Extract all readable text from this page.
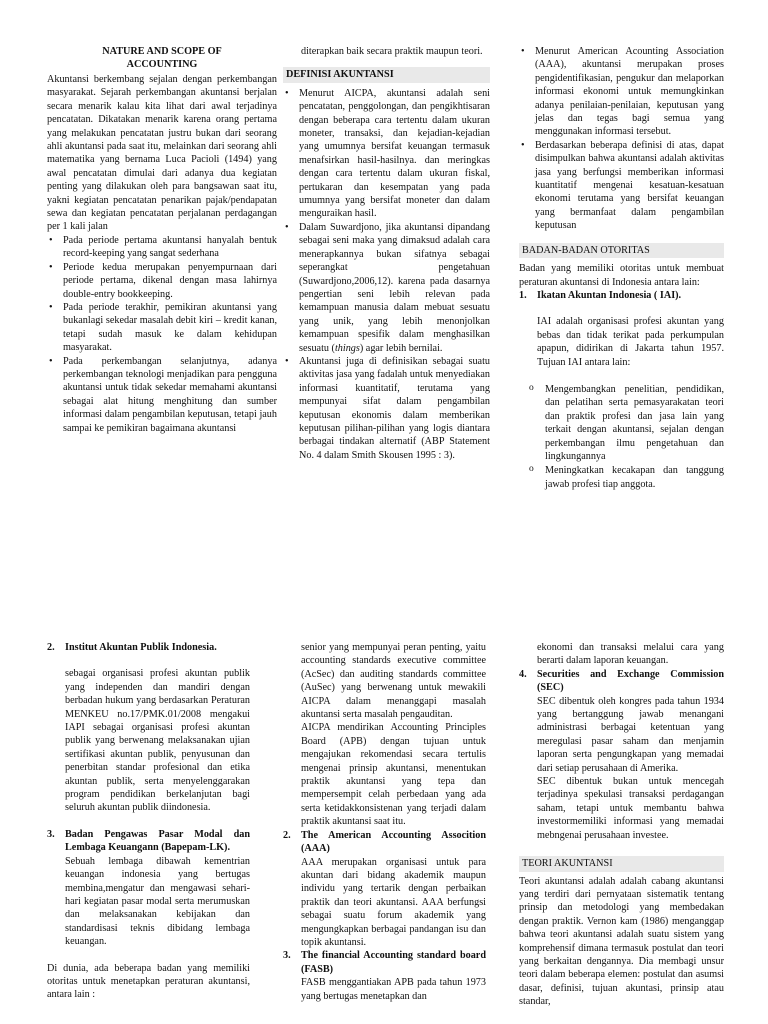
NATURE AND SCOPE OF ACCOUNTING

Akuntansi berkembang sejalan dengan perkembangan masyarakat. Sejarah perkembangan akuntansi berjalan secara menarik kalau kita lihat dari awal terjadinya pencatatan. Dikatakan menarik karena orang pertama yang melakukan pencatatan justru bukan dari seorang ahli akuntansi pada saat itu, melainkan dari seorang ahli matematika yang bernama Luca Pacioli (1494) yang awal pencatatan dimulai dari adanya dua kegiatan penting yang dilakukan oleh para bangsawan saat itu, yakni kegiatan pencatatan penarikan pajak/pendapatan sewa dan kegiatan pencatatan perjalanan perdagangan per 1 kali jalan

• Pada periode pertama akuntansi hanyalah bentuk record-keeping yang sangat sederhana
• Periode kedua merupakan penyempurnaan dari periode pertama, dikenal dengan masa lahirnya double-entry bookkeeping.
• Pada periode terakhir, pemikiran akuntansi yang bukanlagi sekedar masalah debit kiri – kredit kanan, tetapi sudah masuk ke dalam kehidupan masyarakat.
• Pada perkembangan selanjutnya, adanya perkembangan teknologi menjadikan para pengguna akuntansi untuk tidak sekedar memahami akuntansi sebagai alat hitung menghitung dan sumber informasi dalam pengambilan keputusan, tetapi jauh sampai ke pemikiran bagaimana akuntansi

diterapkan baik secara praktik maupun teori.

DEFINISI AKUNTANSI
• Menurut AICPA, akuntansi adalah seni pencatatan, penggolongan, dan pengikhtisaran dengan beberapa cara tertentu dalam ukuran moneter, transaksi, dan kejadian-kejadian yang umumnya bersifat keuangan termasuk menafsirkan hasil-hasilnya. dan meringkas dengan cara tertentu dalam ukuran fiskal, pertukaran dan kesempatan yang pada umumnya yang bersifat moneter dan dalam menguraikan hasil.
• Dalam Suwardjono, jika akuntansi dipandang sebagai seni maka yang dimaksud adalah cara menerapkannya bukan sifatnya sebagai seperangkat pengetahuan (Suwardjono,2006,12). karena pada dasarnya pengertian seni lebih relevan pada kemampuan manusia dalam mebuat sesuatu yang unik, yang lebih menonjolkan kemampuan spesifik dalam menghasilkan sesuatu (things) agar lebih bernilai.
• Akuntansi juga di definisikan sebagai suatu aktivitas jasa yang fadalah untuk menyediakan informasi kuantitatif, terutama yang mempunyai sifat dalam pengambilan keputusan ekonomis dalam memberikan keputusan pilihan-pilihan yang logis diantara berbagai tindakan alternatif (ABP Statement No. 4 dalam Smith Skousen 1995 : 3).
• Menurut American Acounting Association (AAA), akuntansi merupakan proses pengidentifikasian, pengukur dan melaporkan informasi ekonomi untuk memungkinkan adanya penilaian-penilaian, keputusan yang jelas dan tegas bagi semua yang menggunakan informasi tersebut.
• Berdasarkan beberapa definisi di atas, dapat disimpulkan bahwa akuntansi adalah aktivitas jasa yang berfungsi memberikan informasi kuantitatif mengenai kesatuan-kesatuan ekonomi terutama yang bersifat keuangan yang bermanfaat dalam pengambilan keputusan
BADAN-BADAN OTORITAS

Badan yang memiliki otoritas untuk membuat peraturan akuntansi di Indonesia antara lain:

1. Ikatan Akuntan Indonesia ( IAI).

IAI adalah organisasi profesi akuntan yang bebas dan tidak terikat pada perkumpulan apapun, didirikan di Jakarta tahun 1957. Tujuan IAI antara lain:

o Mengembangkan penelitian, pendidikan, dan pelatihan serta pemasyarakatan teori dan praktik profesi dan jasa lain yang terkait dengan akuntansi, sejalan dengan perkembangan ilmu pengetahuan dan lingkungannya
o Meningkatkan kecakapan dan tanggung jawab profesi tiap anggota.
2. Institut Akuntan Publik Indonesia.

sebagai organisasi profesi akuntan publik yang independen dan mandiri dengan berbadan hukum yang berdasarkan Peraturan MENKEU no.17/PMK.01/2008 mengakui IAPI sebagai organisasi profesi akuntan publik yang berwenang melaksanakan ujian sertifikasi akuntan publik, penyusunan dan penerbitan standar profesional dan etika akuntan publik, serta menyelenggarakan program pendidikan berkelanjutan bagi seluruh akuntan publik diindonesia.

3. Badan Pengawas Pasar Modal dan Lembaga Keuangann (Bapepam-LK).

Sebuah lembaga dibawah kementrian keuangan indonesia yang bertugas membina,mengatur dan mengawasi sehari-hari kegiatan pasar modal serta merumuskan dan melaksanakan kebijakan dan standardisasi teknis dibidang lembaga keuangan.

Di dunia, ada beberapa badan yang memiliki otoritas untuk menetapkan peraturan akuntansi, antara lain :

senior yang mempunyai peran penting, yaitu accounting standards executive committee (AcSec) dan auditing standards committee (AuSec) yang berwenang untuk mewakili AICPA dalam menanggapi masalah akuntansi serta masalah pengauditan.

AICPA mendirikan Accounting Principles Board (APB) dengan tujuan untuk mengajukan rekomendasi secara tertulis mengenai prinsip akuntansi, menentukan praktik akuntansi yang tepa dan mempersempit celah perbedaan yang ada serta ketidakkonsistenan yang terjadi dalam praktik akuntansi saat itu.

2. The American Accounting Assocition (AAA)

AAA merupakan organisasi untuk para akuntan dari bidang akademik maupun individu yang tertarik dengan perbaikan praktik dan teori akuntansi. AAA berfungsi sebagai suatu forum akademik yang mengungkapkan berbagai pandangan isu dan topik akuntansi.

3. The financial Accounting standard board (FASB)

FASB menggantiakan APB pada tahun 1973 yang bertugas menetapkan dan

ekonomi dan transaksi melalui cara yang berarti dalam laporan keuangan.

4. Securities and Exchange Commission (SEC)

SEC dibentuk oleh kongres pada tahun 1934 yang bertanggung jawab menangani administrasi berbagai ketentuan yang meregulasi pasar saham dan menjamin laporan serta pengungkapan yang memadai dari setiap perusahaan di Amerika.

SEC dibentuk bukan untuk mencegah terjadinya spekulasi transaksi perdagangan saham, tetapi untuk membantu bahwa investormemiliki informasi yang memadai mebngenai perusahaan investee.

TEORI AKUNTANSI

Teori akuntansi adalah adalah cabang akuntansi yang terdiri dari pernyataan sistematik tentang prinsip dan metodologi yang membedakan dengan praktik. Vernon kam (1986) menganggap bahwa teori akuntansi adalah suatu sistem yang komprehensif dimana termasuk postulat dan teori yang berkaitan dengannya. Dia membagi unsur teori dalam beberapa elemen: postulat dan asumsi dasar, definisi, tujuan akuntasi, prinsip atau standar,
